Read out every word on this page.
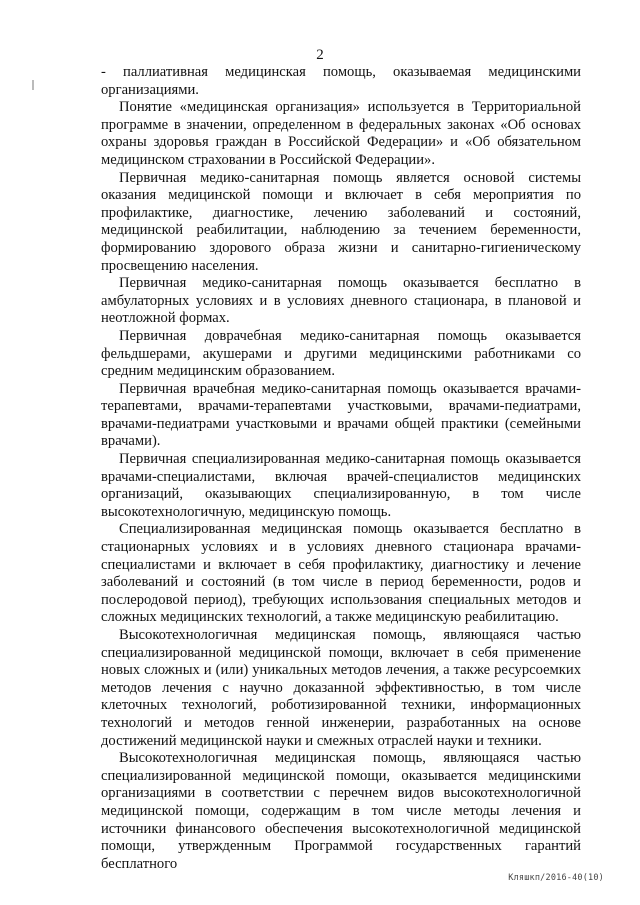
2

- паллиативная медицинская помощь, оказываемая медицинскими организациями.

Понятие «медицинская организация» используется в Территориальной программе в значении, определенном в федеральных законах «Об основах охраны здоровья граждан в Российской Федерации» и «Об обязательном медицинском страховании в Российской Федерации».

Первичная медико-санитарная помощь является основой системы оказания медицинской помощи и включает в себя мероприятия по профилактике, диагностике, лечению заболеваний и состояний, медицинской реабилитации, наблюдению за течением беременности, формированию здорового образа жизни и санитарно-гигиеническому просвещению населения.

Первичная медико-санитарная помощь оказывается бесплатно в амбулаторных условиях и в условиях дневного стационара, в плановой и неотложной формах.

Первичная доврачебная медико-санитарная помощь оказывается фельдшерами, акушерами и другими медицинскими работниками со средним медицинским образованием.

Первичная врачебная медико-санитарная помощь оказывается врачами-терапевтами, врачами-терапевтами участковыми, врачами-педиатрами, врачами-педиатрами участковыми и врачами общей практики (семейными врачами).

Первичная специализированная медико-санитарная помощь оказывается врачами-специалистами, включая врачей-специалистов медицинских организаций, оказывающих специализированную, в том числе высокотехнологичную, медицинскую помощь.

Специализированная медицинская помощь оказывается бесплатно в стационарных условиях и в условиях дневного стационара врачами-специалистами и включает в себя профилактику, диагностику и лечение заболеваний и состояний (в том числе в период беременности, родов и послеродовой период), требующих использования специальных методов и сложных медицинских технологий, а также медицинскую реабилитацию.

Высокотехнологичная медицинская помощь, являющаяся частью специализированной медицинской помощи, включает в себя применение новых сложных и (или) уникальных методов лечения, а также ресурсоемких методов лечения с научно доказанной эффективностью, в том числе клеточных технологий, роботизированной техники, информационных технологий и методов генной инженерии, разработанных на основе достижений медицинской науки и смежных отраслей науки и техники.

Высокотехнологичная медицинская помощь, являющаяся частью специализированной медицинской помощи, оказывается медицинскими организациями в соответствии с перечнем видов высокотехнологичной медицинской помощи, содержащим в том числе методы лечения и источники финансового обеспечения высокотехнологичной медицинской помощи, утвержденным Программой государственных гарантий бесплатного

Кляшкп/2016-40(10)
